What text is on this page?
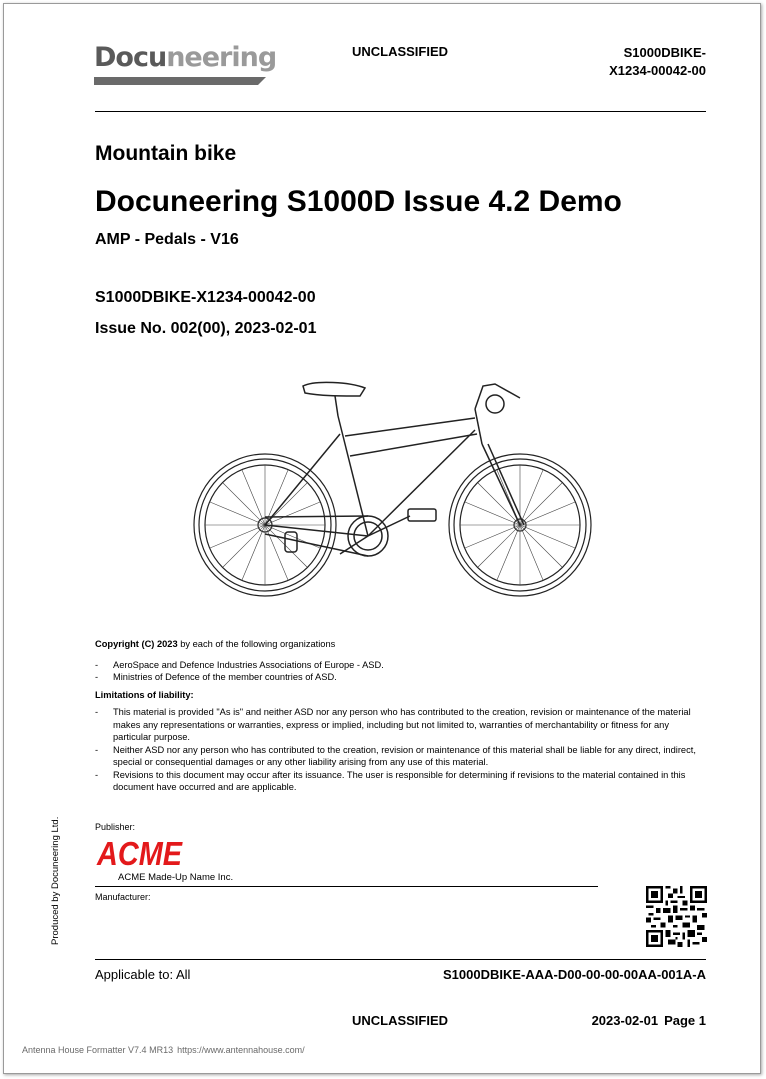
Docuneering	UNCLASSIFIED	S1000DBIKE-
X1234-00042-00
Mountain bike
Docuneering S1000D Issue 4.2 Demo
AMP - Pedals - V16
S1000DBIKE-X1234-00042-00
Issue No. 002(00), 2023-02-01

Copyright (C) 2023 by each of the following organizations

- AeroSpace and Defence Industries Associations of Europe - ASD.
- Ministries of Defence of the member countries of ASD.

Limitations of liability:

- This material is provided "As is" and neither ASD nor any person who has contributed to the creation, revision or maintenance of the material makes any representations or warranties, express or implied, including but not limited to, warranties of merchantability or fitness for any particular purpose.
- Neither ASD nor any person who has contributed to the creation, revision or maintenance of this material shall be liable for any direct, indirect, special or consequential damages or any other liability arising from any use of this material.
- Revisions to this document may occur after its issuance. The user is responsible for determining if revisions to the material contained in this document have occurred and are applicable.
Produced by Docuneering Ltd.	Publisher:
ACME
ACME Made-Up Name Inc.
Manufacturer:
Applicable to: All	S1000DBIKE-AAA-D00-00-00-00AA-001A-A
UNCLASSIFIED	2023-02-01 Page 1
Antenna House Formatter V7.4 MR13 https://www.antennahouse.com/
